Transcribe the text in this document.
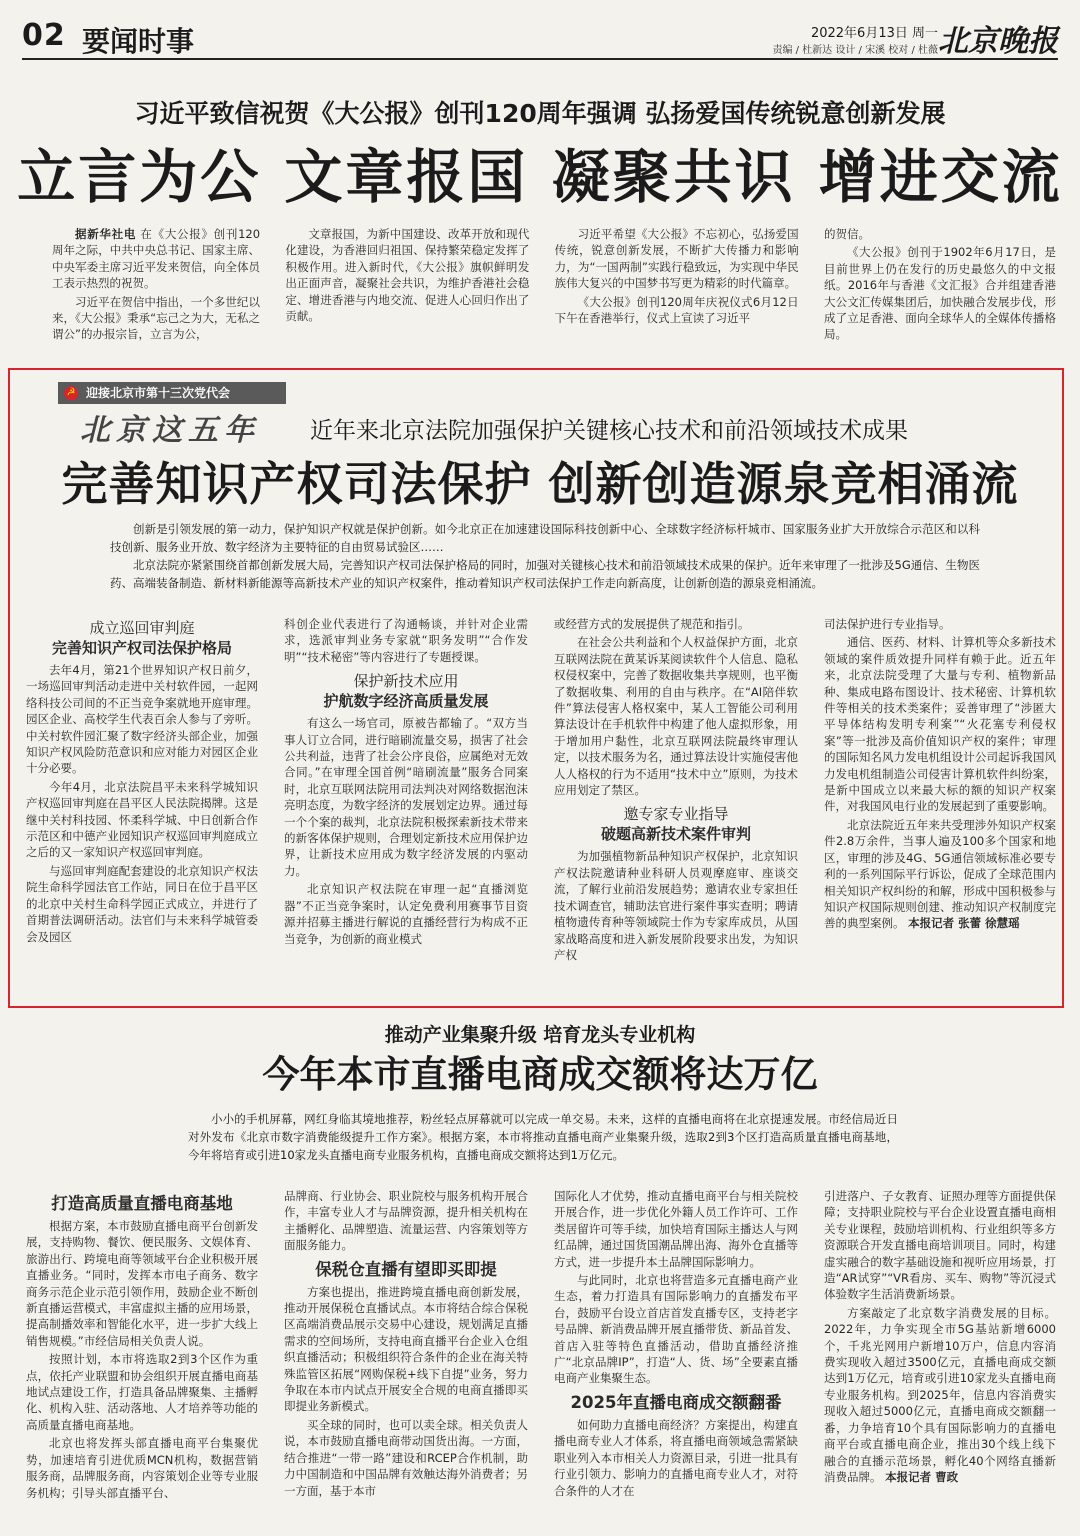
02 要闻时事	2022年6月13日 周一
责编 / 杜新达 设计 / 宋溪 校对 / 杜薇 北京晚报
习近平致信祝贺《大公报》创刊120周年强调 弘扬爱国传统锐意创新发展
立言为公 文章报国 凝聚共识 增进交流

据新华社电 在《大公报》创刊120周年之际，中共中央总书记、国家主席、中央军委主席习近平发来贺信，向全体员工表示热烈的祝贺。

习近平在贺信中指出，一个多世纪以来，《大公报》秉承“忘己之为大，无私之谓公”的办报宗旨，立言为公，

文章报国，为新中国建设、改革开放和现代化建设，为香港回归祖国、保持繁荣稳定发挥了积极作用。进入新时代，《大公报》旗帜鲜明发出正面声音，凝聚社会共识，为维护香港社会稳定、增进香港与内地交流、促进人心回归作出了贡献。

习近平希望《大公报》不忘初心，弘扬爱国传统，锐意创新发展，不断扩大传播力和影响力，为“一国两制”实践行稳致远，为实现中华民族伟大复兴的中国梦书写更为精彩的时代篇章。

《大公报》创刊120周年庆祝仪式6月12日下午在香港举行，仪式上宣读了习近平

的贺信。

《大公报》创刊于1902年6月17日，是目前世界上仍在发行的历史最悠久的中文报纸。2016年与香港《文汇报》合并组建香港大公文汇传媒集团后，加快融合发展步伐，形成了立足香港、面向全球华人的全媒体传播格局。

☭ 迎接北京市第十三次党代会
北京这五年 近年来北京法院加强保护关键核心技术和前沿领域技术成果
完善知识产权司法保护 创新创造源泉竞相涌流

创新是引领发展的第一动力，保护知识产权就是保护创新。如今北京正在加速建设国际科技创新中心、全球数字经济标杆城市、国家服务业扩大开放综合示范区和以科技创新、服务业开放、数字经济为主要特征的自由贸易试验区……

北京法院亦紧紧围绕首都创新发展大局，完善知识产权司法保护格局的同时，加强对关键核心技术和前沿领域技术成果的保护。近年来审理了一批涉及5G通信、生物医药、高端装备制造、新材料新能源等高新技术产业的知识产权案件，推动着知识产权司法保护工作走向新高度，让创新创造的源泉竞相涌流。

成立巡回审判庭
完善知识产权司法保护格局

去年4月，第21个世界知识产权日前夕，一场巡回审判活动走进中关村软件园，一起网络科技公司间的不正当竞争案就地开庭审理。园区企业、高校学生代表百余人参与了旁听。中关村软件园汇聚了数字经济头部企业，加强知识产权风险防范意识和应对能力对园区企业十分必要。

今年4月，北京法院昌平未来科学城知识产权巡回审判庭在昌平区人民法院揭牌。这是继中关村科技园、怀柔科学城、中日创新合作示范区和中德产业园知识产权巡回审判庭成立之后的又一家知识产权巡回审判庭。

与巡回审判庭配套建设的北京知识产权法院生命科学园法官工作站，同日在位于昌平区的北京中关村生命科学园正式成立，并进行了首期普法调研活动。法官们与未来科学城管委会及园区

科创企业代表进行了沟通畅谈，并针对企业需求，选派审判业务专家就“职务发明”“合作发明”“技术秘密”等内容进行了专题授课。

保护新技术应用
护航数字经济高质量发展

有这么一场官司，原被告都输了。“双方当事人订立合同，进行暗刷流量交易，损害了社会公共利益，违背了社会公序良俗，应属绝对无效合同。”在审理全国首例“暗刷流量”服务合同案时，北京互联网法院用司法判决对网络数据泡沫亮明态度，为数字经济的发展划定边界。通过每一个个案的裁判，北京法院积极探索新技术带来的新客体保护规则，合理划定新技术应用保护边界，让新技术应用成为数字经济发展的内驱动力。

北京知识产权法院在审理一起“直播浏览器”不正当竞争案时，认定免费利用赛事节目资源并招募主播进行解说的直播经营行为构成不正当竞争，为创新的商业模式

或经营方式的发展提供了规范和指引。

在社会公共利益和个人权益保护方面，北京互联网法院在黄某诉某阅读软件个人信息、隐私权侵权案中，完善了数据收集共享规则，也平衡了数据收集、利用的自由与秩序。在“AI陪伴软件”算法侵害人格权案中，某人工智能公司利用算法设计在手机软件中构建了他人虚拟形象，用于增加用户黏性，北京互联网法院最终审理认定，以技术服务为名，通过算法设计实施侵害他人人格权的行为不适用“技术中立”原则，为技术应用划定了禁区。

邀专家专业指导
破题高新技术案件审判

为加强植物新品种知识产权保护，北京知识产权法院邀请种业科研人员观摩庭审、座谈交流，了解行业前沿发展趋势；邀请农业专家担任技术调查官，辅助法官进行案件事实查明；聘请植物遗传育种等领域院士作为专家库成员，从国家战略高度和进入新发展阶段要求出发，为知识产权

司法保护进行专业指导。

通信、医药、材料、计算机等众多新技术领域的案件质效提升同样有赖于此。近五年来，北京法院受理了大量与专利、植物新品种、集成电路布图设计、技术秘密、计算机软件等相关的技术类案件；妥善审理了“涉匿大平导体结构发明专利案”“火花塞专利侵权案”等一批涉及高价值知识产权的案件；审理的国际知名风力发电机组设计公司起诉我国风力发电机组制造公司侵害计算机软件纠纷案，是新中国成立以来最大标的额的知识产权案件，对我国风电行业的发展起到了重要影响。

北京法院近五年来共受理涉外知识产权案件2.8万余件，当事人遍及100多个国家和地区，审理的涉及4G、5G通信领域标准必要专利的一系列国际平行诉讼，促成了全球范围内相关知识产权纠纷的和解，形成中国积极参与知识产权国际规则创建、推动知识产权制度完善的典型案例。 本报记者 张蕾 徐慧瑶

推动产业集聚升级 培育龙头专业机构
今年本市直播电商成交额将达万亿

小小的手机屏幕，网红身临其境地推荐，粉丝轻点屏幕就可以完成一单交易。未来，这样的直播电商将在北京提速发展。市经信局近日对外发布《北京市数字消费能级提升工作方案》。根据方案，本市将推动直播电商产业集聚升级，选取2到3个区打造高质量直播电商基地，今年将培育或引进10家龙头直播电商专业服务机构，直播电商成交额将达到1万亿元。

打造高质量直播电商基地

根据方案，本市鼓励直播电商平台创新发展，支持购物、餐饮、便民服务、文娱体育、旅游出行、跨境电商等领域平台企业积极开展直播业务。“同时，发挥本市电子商务、数字商务示范企业示范引领作用，鼓励企业不断创新直播运营模式，丰富虚拟主播的应用场景，提高制播效率和智能化水平，进一步扩大线上销售规模。”市经信局相关负责人说。

按照计划，本市将选取2到3个区作为重点，依托产业联盟和协会组织开展直播电商基地试点建设工作，打造具备品牌聚集、主播孵化、机构入驻、活动落地、人才培养等功能的高质量直播电商基地。

北京也将发挥头部直播电商平台集聚优势，加速培育引进优质MCN机构，数据营销服务商，品牌服务商，内容策划企业等专业服务机构；引导头部直播平台、

品牌商、行业协会、职业院校与服务机构开展合作，丰富专业人才与品牌资源，提升相关机构在主播孵化、品牌塑造、流量运营、内容策划等方面服务能力。

保税仓直播有望即买即提

方案也提出，推进跨境直播电商创新发展，推动开展保税仓直播试点。本市将结合综合保税区高端消费品展示交易中心建设，规划满足直播需求的空间场所，支持电商直播平台企业入仓组织直播活动；积极组织符合条件的企业在海关特殊监管区拓展“网购保税+线下自提”业务，努力争取在本市内试点开展安全合规的电商直播即买即提业务新模式。

买全球的同时，也可以卖全球。相关负责人说，本市鼓励直播电商带动国货出海。一方面，结合推进“一带一路”建设和RCEP合作机制，助力中国制造和中国品牌有效触达海外消费者；另一方面，基于本市

国际化人才优势，推动直播电商平台与相关院校开展合作，进一步优化外籍人员工作许可、工作类居留许可等手续，加快培育国际主播达人与网红品牌，通过国货国潮品牌出海、海外仓直播等方式，进一步提升本土品牌国际影响力。

与此同时，北京也将营造多元直播电商产业生态，着力打造具有国际影响力的直播发布平台，鼓励平台设立首店首发直播专区，支持老字号品牌、新消费品牌开展直播带货、新品首发、首店入驻等特色直播活动，借助直播经济推广“北京品牌IP”，打造“人、货、场”全要素直播电商产业集聚生态。

2025年直播电商成交额翻番

如何助力直播电商经济？方案提出，构建直播电商专业人才体系，将直播电商领域急需紧缺职业列入本市相关人力资源目录，引进一批具有行业引领力、影响力的直播电商专业人才，对符合条件的人才在

引进落户、子女教育、证照办理等方面提供保障；支持职业院校与平台企业设置直播电商相关专业课程，鼓励培训机构、行业组织等多方资源联合开发直播电商培训项目。同时，构建虚实融合的数字基础设施和视听应用场景，打造“AR试穿”“VR看房、买车、购物”等沉浸式体验数字生活消费新场景。

方案敲定了北京数字消费发展的目标。2022年，力争实现全市5G基站新增6000个，千兆光网用户新增10万户，信息内容消费实现收入超过3500亿元，直播电商成交额达到1万亿元，培育或引进10家龙头直播电商专业服务机构。到2025年，信息内容消费实现收入超过5000亿元，直播电商成交额翻一番，力争培育10个具有国际影响力的直播电商平台或直播电商企业，推出30个线上线下融合的直播示范场景，孵化40个网络直播新消费品牌。 本报记者 曹政
